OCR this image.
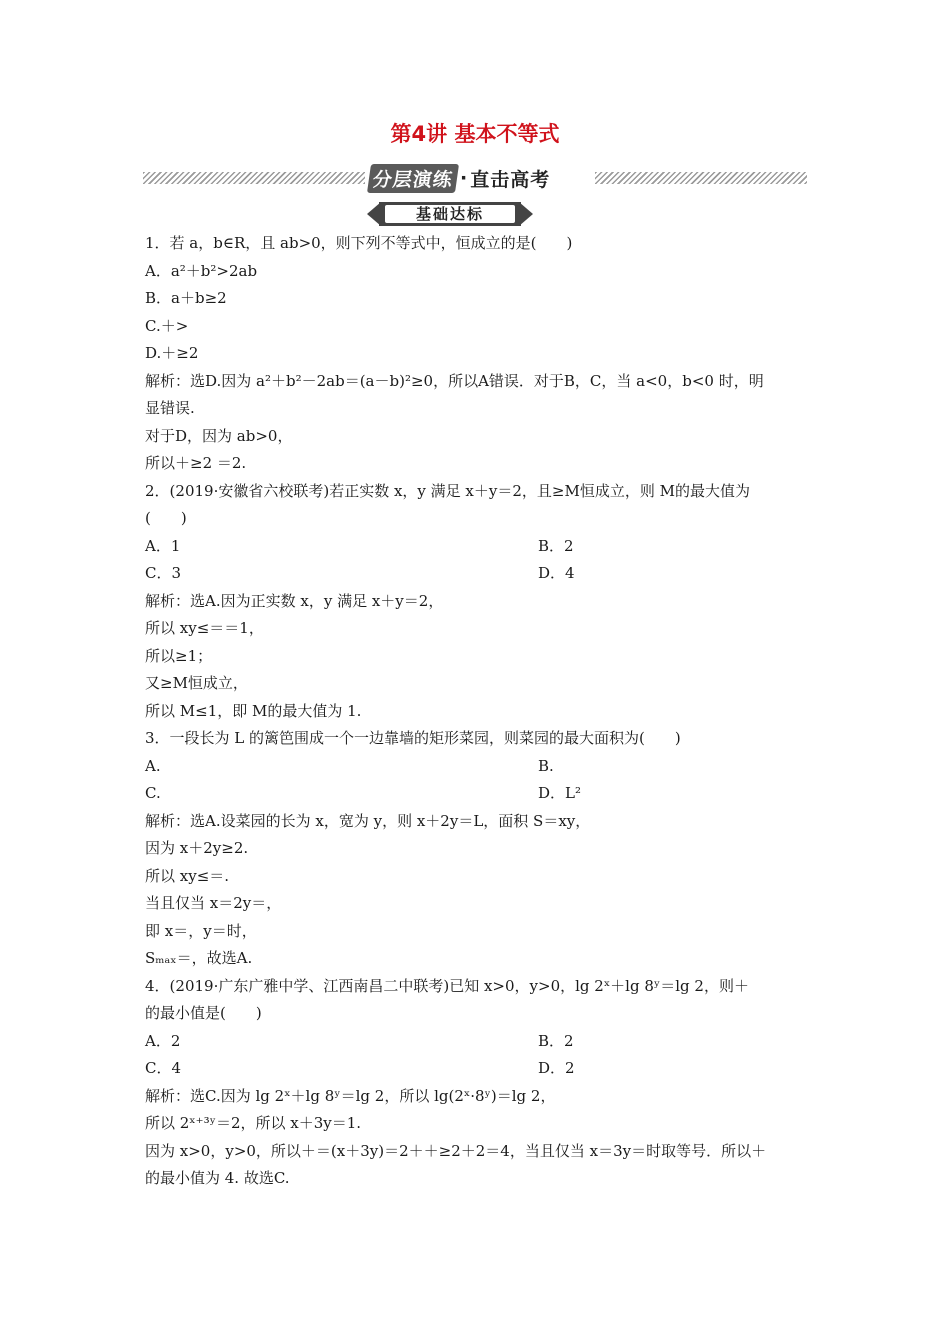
第4讲 基本不等式
分层演练 · 直击高考
基础达标
1．若 a，b∈R，且 ab>0，则下列不等式中，恒成立的是(　　)
A．a²＋b²>2ab
B．a＋b≥2
C.＋>
D.＋≥2
解析：选D.因为 a²＋b²－2ab＝(a－b)²≥0，所以A错误．对于B，C，当 a<0，b<0 时，明
显错误.
对于D，因为 ab>0，
所以＋≥2 ＝2.
2．(2019·安徽省六校联考)若正实数 x，y 满足 x＋y＝2，且≥M恒成立，则 M的最大值为
(　　)
A．1	B．2
C．3	D．4
解析：选A.因为正实数 x，y 满足 x＋y＝2，
所以 xy≤＝＝1，
所以≥1；
又≥M恒成立，
所以 M≤1，即 M的最大值为 1.
3．一段长为 L 的篱笆围成一个一边靠墙的矩形菜园，则菜园的最大面积为(　　)
A.	B.
C.	D．L²
解析：选A.设菜园的长为 x，宽为 y，则 x＋2y＝L，面积 S＝xy，
因为 x＋2y≥2.
所以 xy≤＝.
当且仅当 x＝2y＝，
即 x＝，y＝时，
Sₘₐₓ＝，故选A.
4．(2019·广东广雅中学、江西南昌二中联考)已知 x>0，y>0，lg 2ˣ＋lg 8ʸ＝lg 2，则＋
的最小值是(　　)
A．2	B．2
C．4	D．2
解析：选C.因为 lg 2ˣ＋lg 8ʸ＝lg 2，所以 lg(2ˣ·8ʸ)＝lg 2，
所以 2ˣ⁺³ʸ＝2，所以 x＋3y＝1.
因为 x>0，y>0，所以＋＝(x＋3y)＝2＋＋≥2＋2＝4，当且仅当 x＝3y＝时取等号．所以＋
的最小值为 4. 故选C.
